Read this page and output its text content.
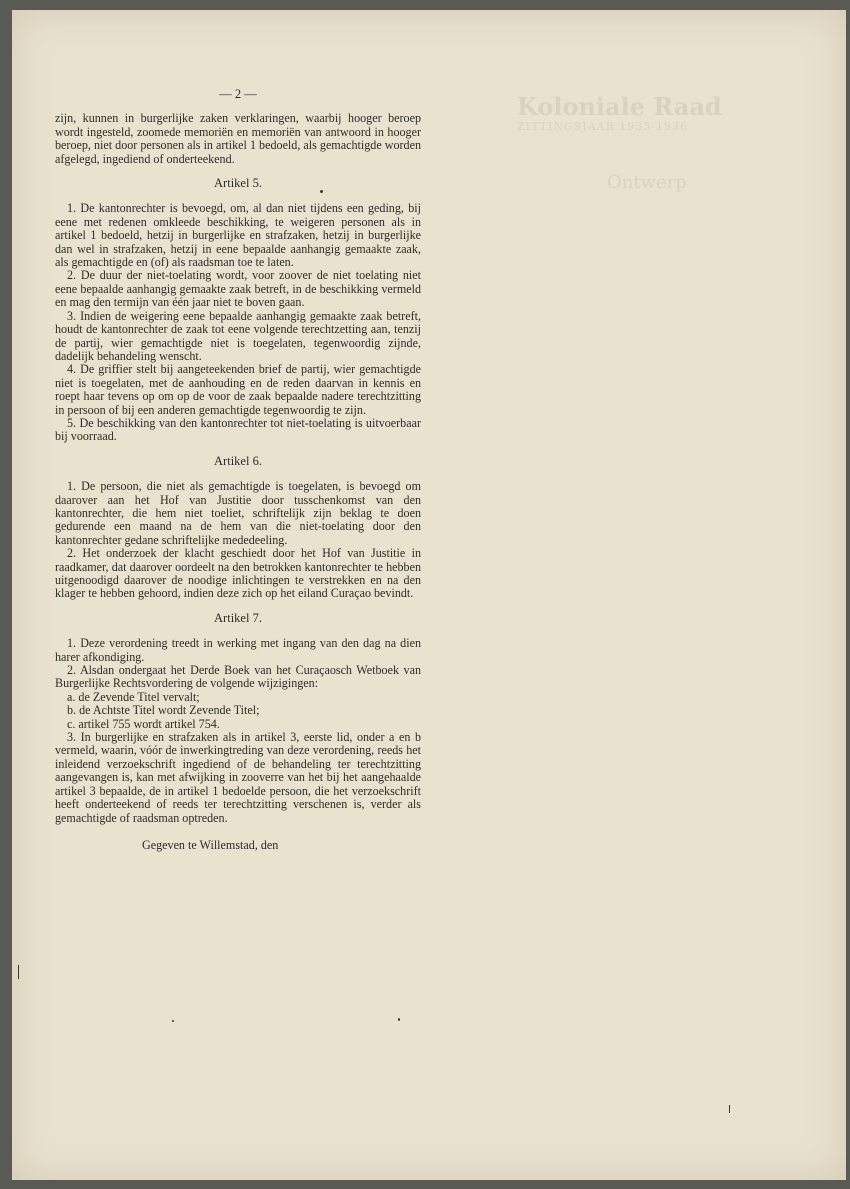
Koloniale Raad
ZITTINGSJAAR 1935-1936
Ontwerp
— 2 —

zijn, kunnen in burgerlijke zaken verklaringen, waarbij hooger beroep wordt ingesteld, zoomede memoriën en memoriën van antwoord in hooger beroep, niet door personen als in artikel 1 bedoeld, als gemachtigde worden afgelegd, ingediend of onderteekend.

Artikel 5.

1. De kantonrechter is bevoegd, om, al dan niet tijdens een geding, bij eene met redenen omkleede beschikking, te weigeren personen als in artikel 1 bedoeld, hetzij in burgerlijke en strafzaken, hetzij in burgerlijke dan wel in strafzaken, hetzij in eene bepaalde aanhangig gemaakte zaak, als gemachtigde en (of) als raadsman toe te laten.

2. De duur der niet-toelating wordt, voor zoover de niet toelating niet eene bepaalde aanhangig gemaakte zaak betreft, in de beschikking vermeld en mag den termijn van één jaar niet te boven gaan.

3. Indien de weigering eene bepaalde aanhangig gemaakte zaak betreft, houdt de kantonrechter de zaak tot eene volgende terechtzetting aan, tenzij de partij, wier gemachtigde niet is toegelaten, tegenwoordig zijnde, dadelijk behandeling wenscht.

4. De griffier stelt bij aangeteekenden brief de partij, wier gemachtigde niet is toegelaten, met de aanhouding en de reden daarvan in kennis en roept haar tevens op om op de voor de zaak bepaalde nadere terechtzitting in persoon of bij een anderen gemachtigde tegenwoordig te zijn.

5. De beschikking van den kantonrechter tot niet-toelating is uitvoerbaar bij voorraad.

Artikel 6.

1. De persoon, die niet als gemachtigde is toegelaten, is bevoegd om daarover aan het Hof van Justitie door tusschenkomst van den kantonrechter, die hem niet toeliet, schriftelijk zijn beklag te doen gedurende een maand na de hem van die niet-toelating door den kantonrechter gedane schriftelijke mededeeling.

2. Het onderzoek der klacht geschiedt door het Hof van Justitie in raadkamer, dat daarover oordeelt na den betrokken kantonrechter te hebben uitgenoodigd daarover de noodige inlichtingen te verstrekken en na den klager te hebben gehoord, indien deze zich op het eiland Curaçao bevindt.

Artikel 7.

1. Deze verordening treedt in werking met ingang van den dag na dien harer afkondiging.

2. Alsdan ondergaat het Derde Boek van het Curaçaosch Wetboek van Burgerlijke Rechtsvordering de volgende wijzigingen:

a. de Zevende Titel vervalt;

b. de Achtste Titel wordt Zevende Titel;

c. artikel 755 wordt artikel 754.

3. In burgerlijke en strafzaken als in artikel 3, eerste lid, onder a en b vermeld, waarin, vóór de inwerkingtreding van deze verordening, reeds het inleidend verzoekschrift ingediend of de behandeling ter terechtzitting aangevangen is, kan met afwijking in zooverre van het bij het aangehaalde artikel 3 bepaalde, de in artikel 1 bedoelde persoon, die het verzoekschrift heeft onderteekend of reeds ter terechtzitting verschenen is, verder als gemachtigde of raadsman optreden.

Gegeven te Willemstad, den
